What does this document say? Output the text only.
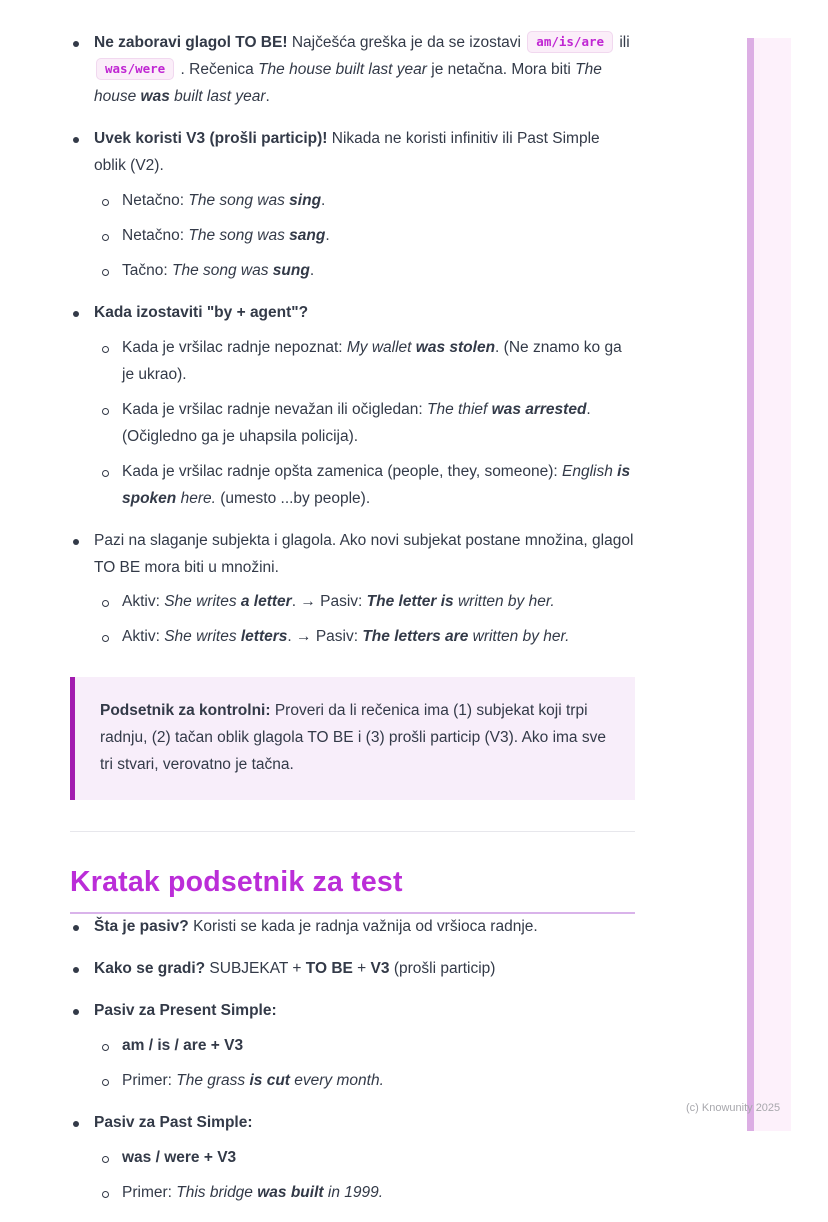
Ne zaboravi glagol TO BE! Najčešća greška je da se izostavi am/is/are ili was/were . Rečenica The house built last year je netačna. Mora biti The house was built last year.

Uvek koristi V3 (prošli particip)! Nikada ne koristi infinitiv ili Past Simple oblik (V2).

Netačno: The song was sing.

Netačno: The song was sang.

Tačno: The song was sung.

Kada izostaviti "by + agent"?

Kada je vršilac radnje nepoznat: My wallet was stolen. (Ne znamo ko ga je ukrao).

Kada je vršilac radnje nevažan ili očigledan: The thief was arrested. (Očigledno ga je uhapsila policija).

Kada je vršilac radnje opšta zamenica (people, they, someone): English is spoken here. (umesto ...by people).

Pazi na slaganje subjekta i glagola. Ako novi subjekat postane množina, glagol TO BE mora biti u množini.

Aktiv: She writes a letter. → Pasiv: The letter is written by her.

Aktiv: She writes letters. → Pasiv: The letters are written by her.

Podsetnik za kontrolni: Proveri da li rečenica ima (1) subjekat koji trpi radnju, (2) tačan oblik glagola TO BE i (3) prošli particip (V3). Ako ima sve tri stvari, verovatno je tačna.

Kratak podsetnik za test

Šta je pasiv? Koristi se kada je radnja važnija od vršioca radnje.

Kako se gradi? SUBJEKAT + TO BE + V3 (prošli particip)

Pasiv za Present Simple:

am / is / are + V3

Primer: The grass is cut every month.

Pasiv za Past Simple:

was / were + V3

Primer: This bridge was built in 1999.

(c) Knowunity 2025
